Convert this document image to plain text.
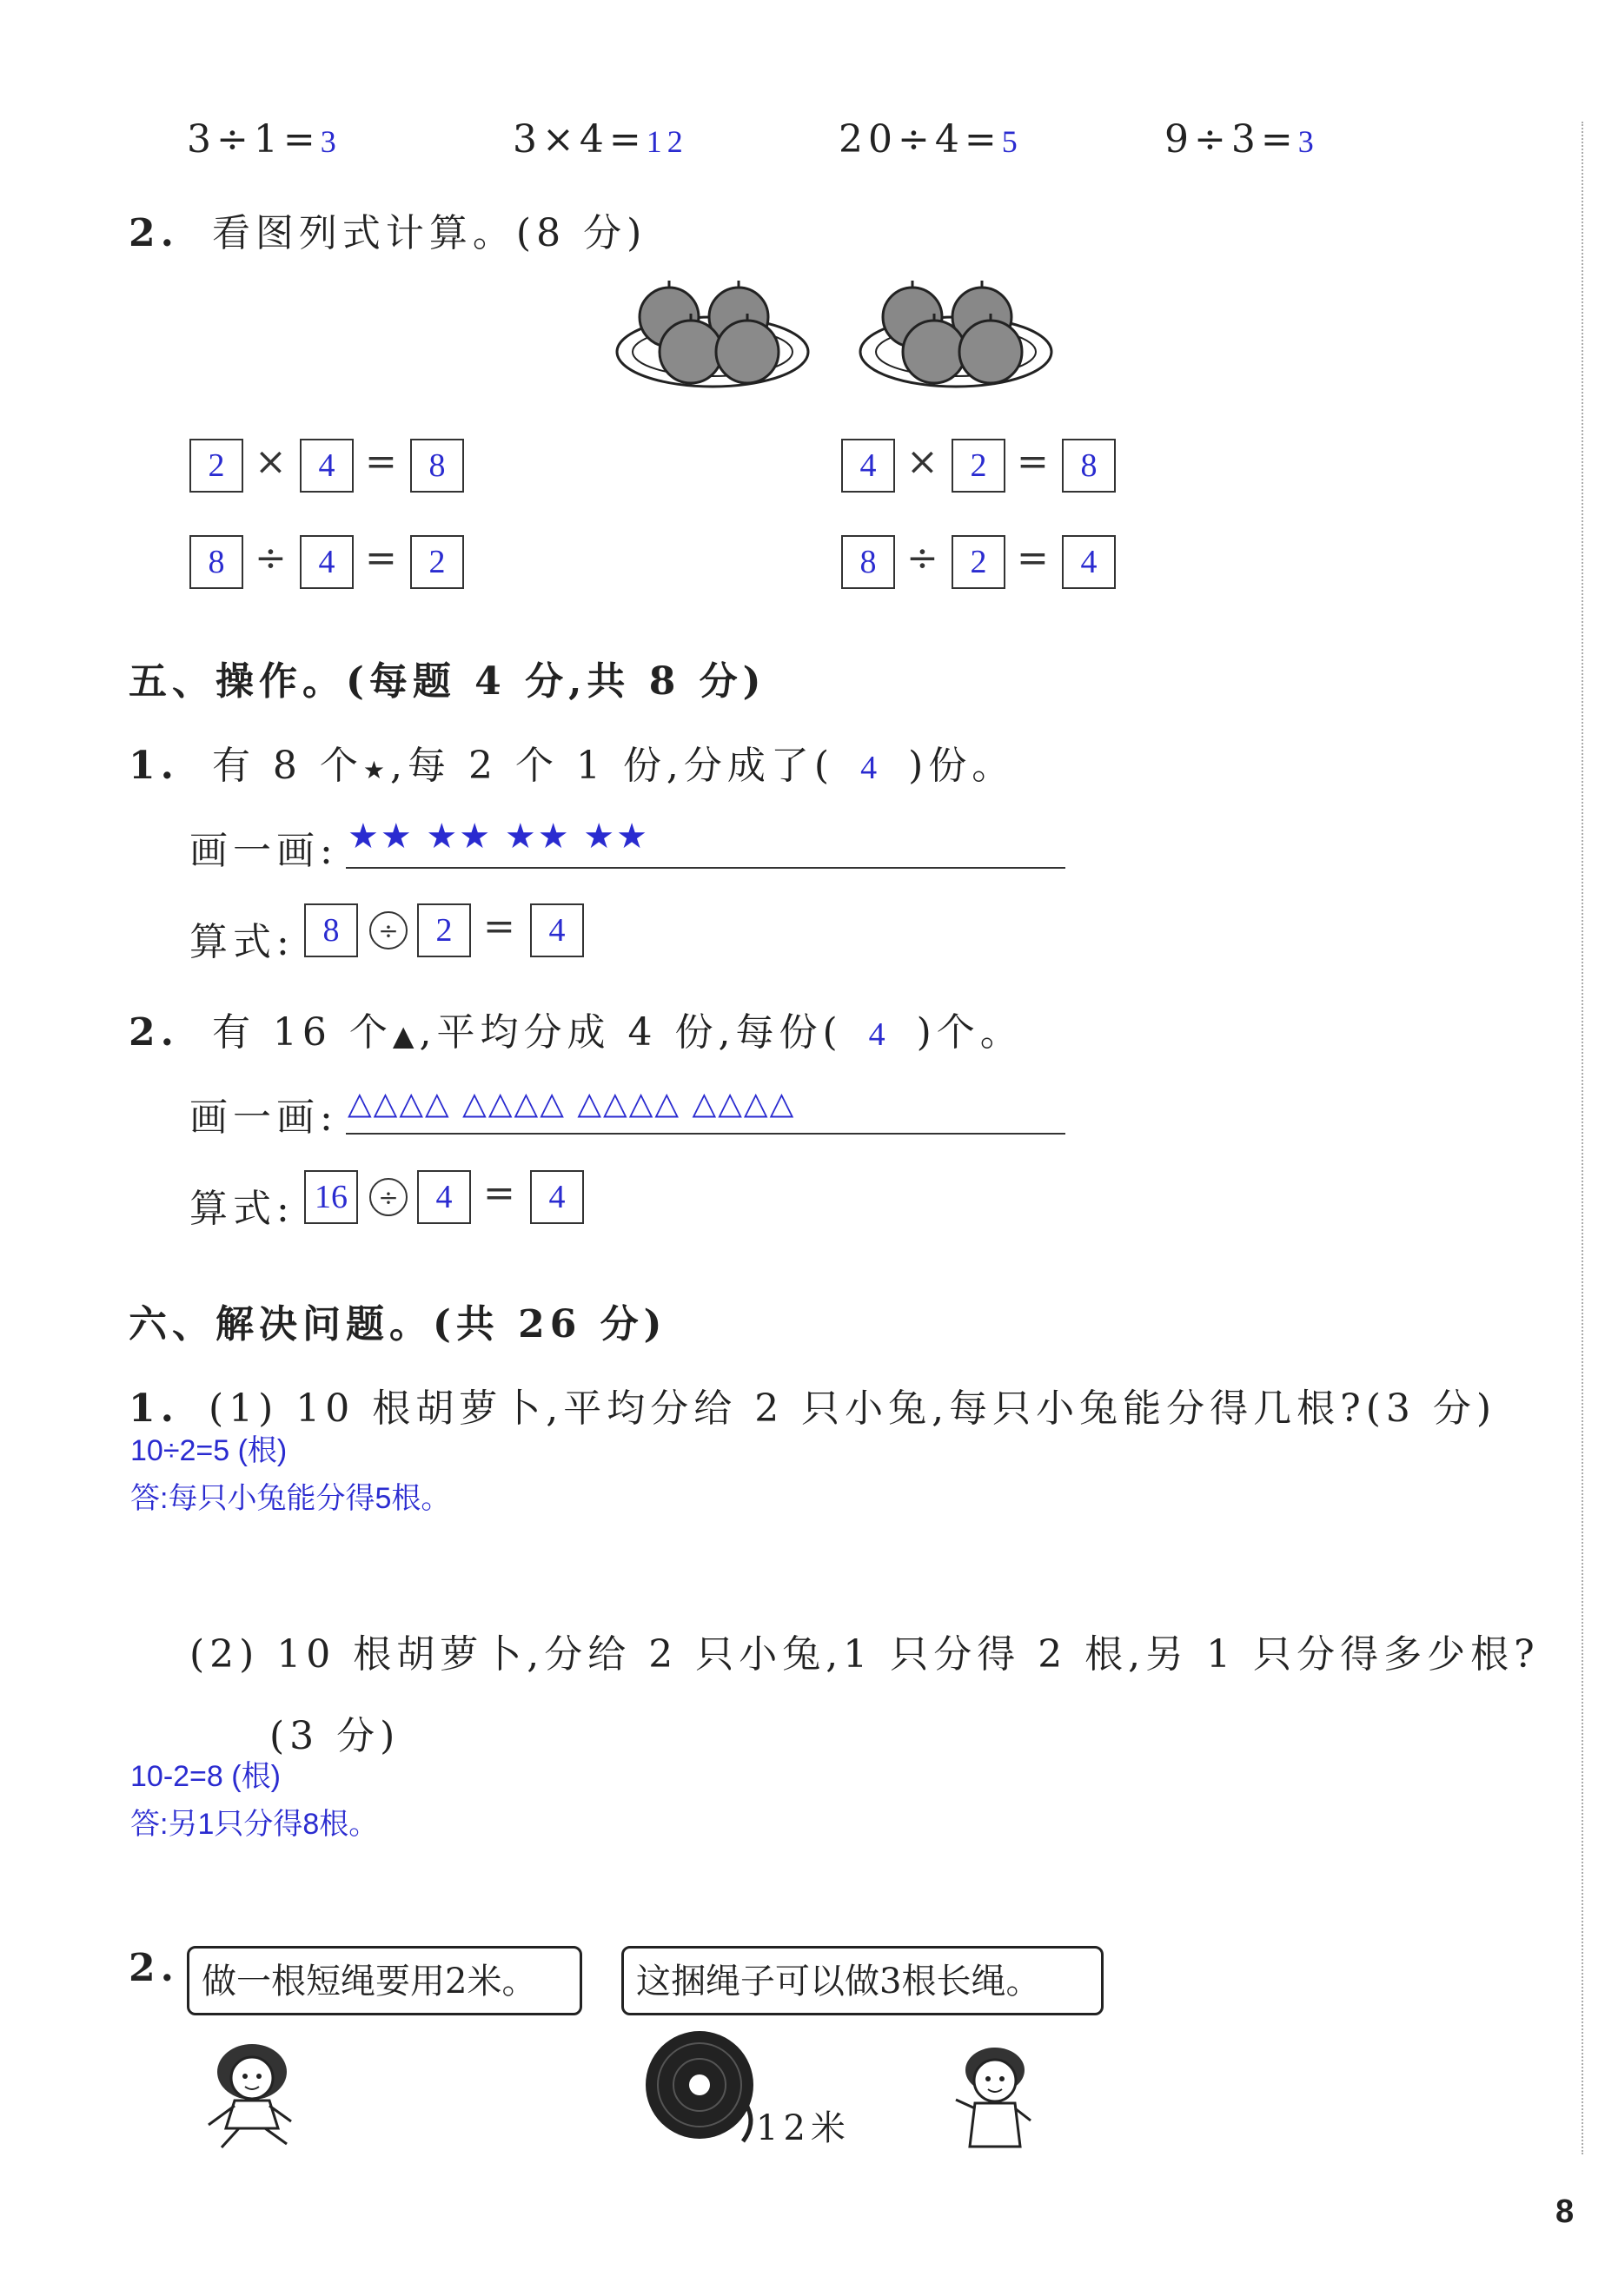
3÷1=3	3×4=12	20÷4=5	9÷3=3
2. 看图列式计算。(8 分)
2 × 4 = 8
8 ÷ 4 = 2
4 × 2 = 8
8 ÷ 2 = 4
五、操作。(每题 4 分,共 8 分)
1. 有 8 个★,每 2 个 1 份,分成了( 4 )份。
画一画: ★★ ★★ ★★ ★★
算式: 8	÷	2 =	4
2. 有 16 个▲,平均分成 4 份,每份( 4 )个。
画一画: △△△△ △△△△ △△△△ △△△△
算式: 16	÷	4 =	4
六、解决问题。(共 26 分)
1. (1) 10 根胡萝卜,平均分给 2 只小兔,每只小兔能分得几根?(3 分)
10÷2=5 (根)
答:每只小兔能分得5根。
(2) 10 根胡萝卜,分给 2 只小兔,1 只分得 2 根,另 1 只分得多少根?
(3 分)
10-2=8 (根)
答:另1只分得8根。
2. 做一根短绳要用2米。	这捆绳子可以做3根长绳。
12米
8
